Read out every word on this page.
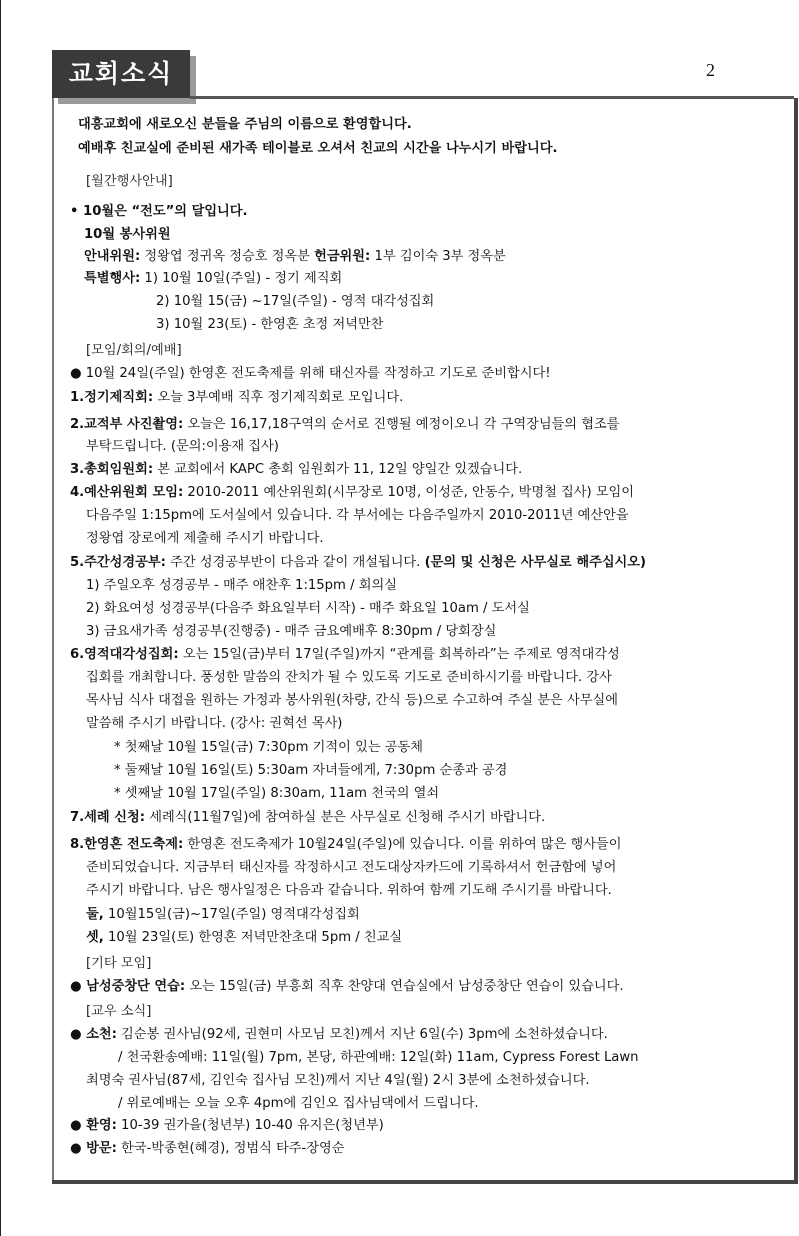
교회소식	2
대흥교회에 새로오신 분들을 주님의 이름으로 환영합니다.
예배후 친교실에 준비된 새가족 테이블로 오셔서 친교의 시간을 나누시기 바랍니다.
[월간행사안내]
• 10월은 “전도”의 달입니다.
10월 봉사위원
안내위원: 정왕엽 정귀옥 정승호 정옥분 헌금위원: 1부 김이숙 3부 정옥분
특별행사: 1) 10월 10일(주일) - 정기 제직회
2) 10월 15(금) ~17일(주일) - 영적 대각성집회
3) 10월 23(토) - 한영혼 초정 저녁만찬
[모임/회의/예배]
● 10월 24일(주일) 한영혼 전도축제를 위해 태신자를 작정하고 기도로 준비합시다!
1.정기제직회: 오늘 3부예배 직후 정기제직회로 모입니다.
2.교적부 사진촬영: 오늘은 16,17,18구역의 순서로 진행될 예정이오니 각 구역장님들의 협조를
부탁드립니다. (문의:이용재 집사)
3.총회임원회: 본 교회에서 KAPC 총회 임원회가 11, 12일 양일간 있겠습니다.
4.예산위원회 모임: 2010-2011 예산위원회(시무장로 10명, 이성준, 안동수, 박명철 집사) 모임이
다음주일 1:15pm에 도서실에서 있습니다. 각 부서에는 다음주일까지 2010-2011년 예산안을
정왕엽 장로에게 제출해 주시기 바랍니다.
5.주간성경공부: 주간 성경공부반이 다음과 같이 개설됩니다. (문의 및 신청은 사무실로 해주십시오)
1) 주일오후 성경공부 - 매주 애찬후 1:15pm / 회의실
2) 화요여성 성경공부(다음주 화요일부터 시작) - 매주 화요일 10am / 도서실
3) 금요새가족 성경공부(진행중) - 매주 금요예배후 8:30pm / 당회장실
6.영적대각성집회: 오는 15일(금)부터 17일(주일)까지 “관계를 회복하라”는 주제로 영적대각성
집회를 개최합니다. 풍성한 말씀의 잔치가 될 수 있도록 기도로 준비하시기를 바랍니다. 강사
목사님 식사 대접을 원하는 가정과 봉사위원(차량, 간식 등)으로 수고하여 주실 분은 사무실에
말씀해 주시기 바랍니다. (강사: 권혁선 목사)
* 첫째날 10월 15일(금) 7:30pm 기적이 있는 공동체
* 둘째날 10월 16일(토) 5:30am 자녀들에게, 7:30pm 순종과 공경
* 셋째날 10월 17일(주일) 8:30am, 11am 천국의 열쇠
7.세례 신청: 세례식(11월7일)에 참여하실 분은 사무실로 신청해 주시기 바랍니다.
8.한영혼 전도축제: 한영혼 전도축제가 10월24일(주일)에 있습니다. 이를 위하여 많은 행사들이
준비되었습니다. 지금부터 태신자를 작정하시고 전도대상자카드에 기록하셔서 헌금함에 넣어
주시기 바랍니다. 남은 행사일정은 다음과 같습니다. 위하여 함께 기도해 주시기를 바랍니다.
둘, 10월15일(금)~17일(주일) 영적대각성집회
셋, 10월 23일(토) 한영혼 저녁만찬초대 5pm / 친교실
[기타 모임]
● 남성중창단 연습: 오는 15일(금) 부흥회 직후 찬양대 연습실에서 남성중창단 연습이 있습니다.
[교우 소식]
● 소천: 김순봉 권사님(92세, 권현미 사모님 모친)께서 지난 6일(수) 3pm에 소천하셨습니다.
/ 천국환송예배: 11일(월) 7pm, 본당, 하관예배: 12일(화) 11am, Cypress Forest Lawn
최명숙 권사님(87세, 김인숙 집사님 모친)께서 지난 4일(월) 2시 3분에 소천하셨습니다.
/ 위로예배는 오늘 오후 4pm에 김인오 집사님댁에서 드립니다.
● 환영: 10-39 권가을(청년부) 10-40 유지은(청년부)
● 방문: 한국-박종현(혜경), 정범식 타주-장영순
